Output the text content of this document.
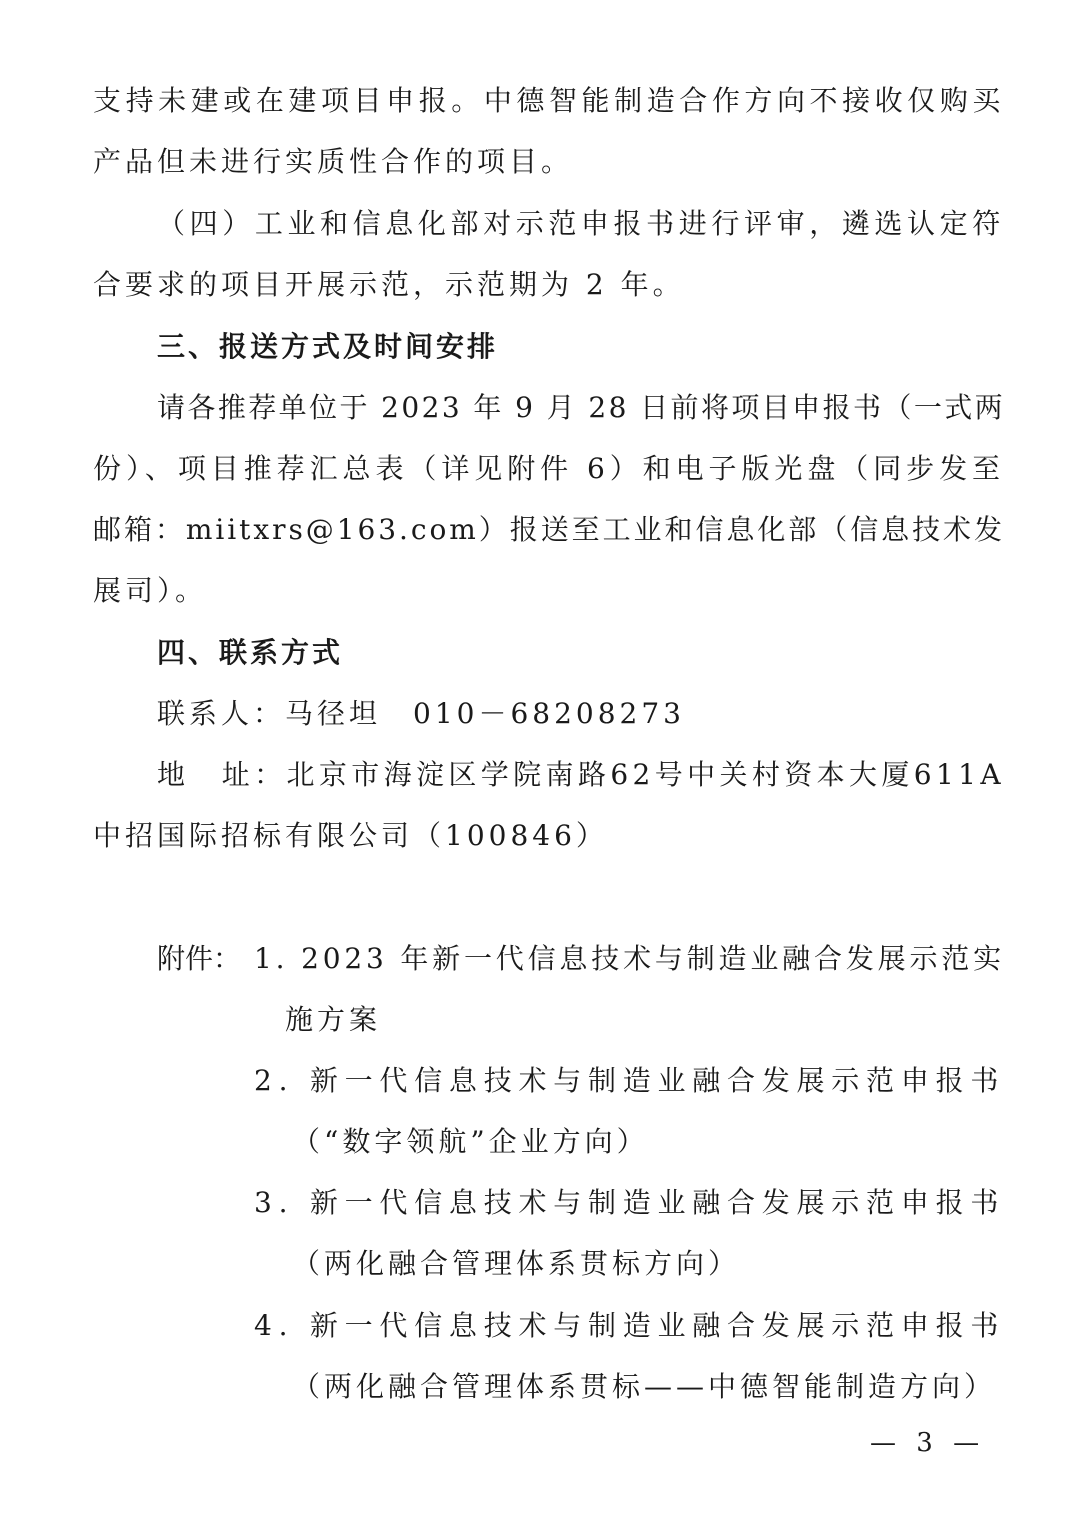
支持未建或在建项目申报。中德智能制造合作方向不接收仅购买
产品但未进行实质性合作的项目。
（四）工业和信息化部对示范申报书进行评审，遴选认定符
合要求的项目开展示范，示范期为 2 年。
三、报送方式及时间安排
请各推荐单位于 2023 年 9 月 28 日前将项目申报书（一式两
份）、项目推荐汇总表（详见附件 6）和电子版光盘（同步发至
邮箱：miitxrs@163.com）报送至工业和信息化部（信息技术发
展司）。
四、联系方式
联系人：马径坦　010－68208273
地　址：北京市海淀区学院南路62号中关村资本大厦611A
中招国际招标有限公司（100846）
附件： 1. 2023 年新一代信息技术与制造业融合发展示范实
施方案
2. 新一代信息技术与制造业融合发展示范申报书
（“数字领航”企业方向）
3. 新一代信息技术与制造业融合发展示范申报书
（两化融合管理体系贯标方向）
4. 新一代信息技术与制造业融合发展示范申报书
（两化融合管理体系贯标——中德智能制造方向）
— 3 —
